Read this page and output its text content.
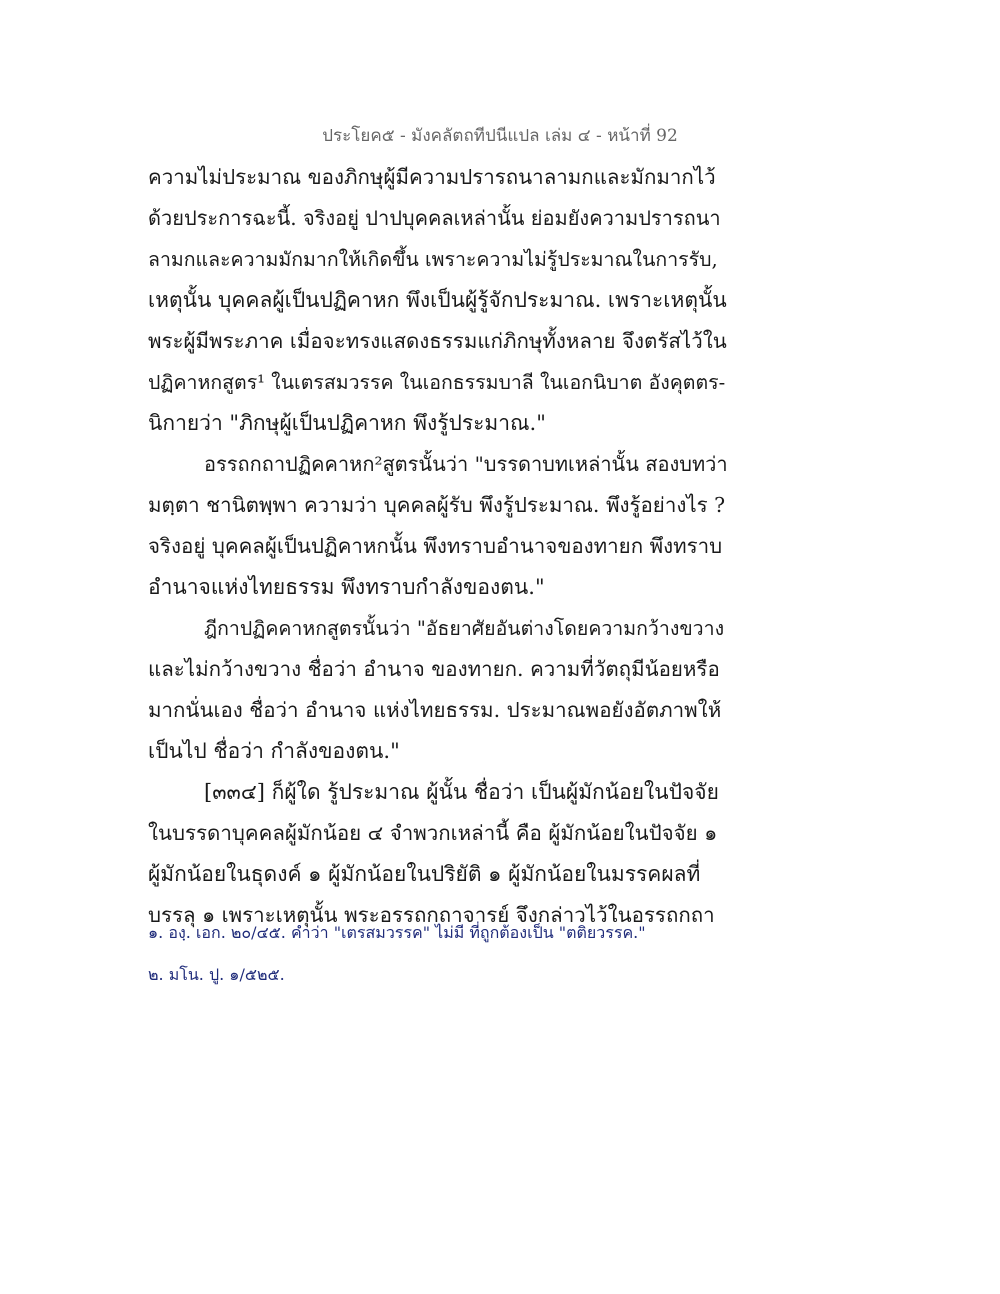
ประโยค๕ - มังคลัตถทีปนีแปล เล่ม ๔ - หน้าที่ 92
ความไม่ประมาณ ของภิกษุผู้มีความปรารถนาลามกและมักมากไว้
ด้วยประการฉะนี้. จริงอยู่ ปาปบุคคลเหล่านั้น ย่อมยังความปรารถนา
ลามกและความมักมากให้เกิดขึ้น เพราะความไม่รู้ประมาณในการรับ,
เหตุนั้น บุคคลผู้เป็นปฏิคาหก พึงเป็นผู้รู้จักประมาณ. เพราะเหตุนั้น
พระผู้มีพระภาค เมื่อจะทรงแสดงธรรมแก่ภิกษุทั้งหลาย จึงตรัสไว้ใน
ปฏิคาหกสูตร¹ ในเตรสมวรรค ในเอกธรรมบาลี ในเอกนิบาต อังคุตตร-
นิกายว่า "ภิกษุผู้เป็นปฏิคาหก พึงรู้ประมาณ."
อรรถกถาปฏิคคาหก²สูตรนั้นว่า "บรรดาบทเหล่านั้น สองบทว่า
มตฺตา ชานิตพฺพา ความว่า บุคคลผู้รับ พึงรู้ประมาณ. พึงรู้อย่างไร ?
จริงอยู่ บุคคลผู้เป็นปฏิคาหกนั้น พึงทราบอำนาจของทายก พึงทราบ
อำนาจแห่งไทยธรรม พึงทราบกำลังของตน."
ฎีกาปฏิคคาหกสูตรนั้นว่า "อัธยาศัยอันต่างโดยความกว้างขวาง
และไม่กว้างขวาง ชื่อว่า อำนาจ ของทายก. ความที่วัตถุมีน้อยหรือ
มากนั่นเอง ชื่อว่า อำนาจ แห่งไทยธรรม. ประมาณพอยังอัตภาพให้
เป็นไป ชื่อว่า กำลังของตน."
[๓๓๔] ก็ผู้ใด รู้ประมาณ ผู้นั้น ชื่อว่า เป็นผู้มักน้อยในปัจจัย
ในบรรดาบุคคลผู้มักน้อย ๔ จำพวกเหล่านี้ คือ ผู้มักน้อยในปัจจัย ๑
ผู้มักน้อยในธุดงค์ ๑ ผู้มักน้อยในปริยัติ ๑ ผู้มักน้อยในมรรคผลที่
บรรลุ ๑ เพราะเหตุนั้น พระอรรถกถาจารย์ จึงกล่าวไว้ในอรรถกถา
๑. องฺ. เอก. ๒๐/๔๕. คำว่า "เตรสมวรรค" ไม่มี ที่ถูกต้องเป็น "ตติยวรรค."
๒. มโน. ปู. ๑/๕๒๕.
